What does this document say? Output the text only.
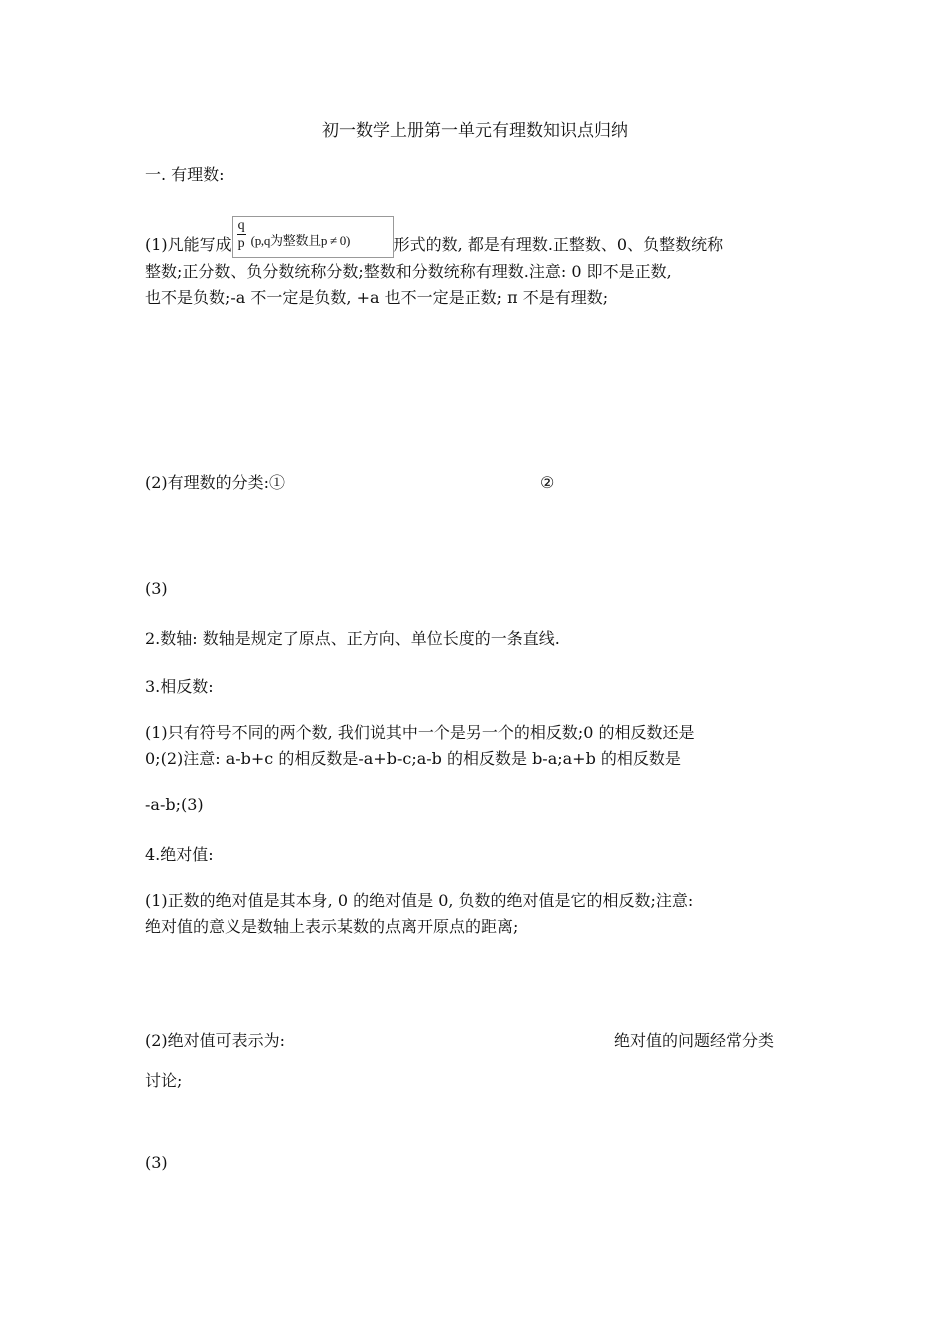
初一数学上册第一单元有理数知识点归纳
一. 有理数:
(1)凡能写成 $\frac{q}{p} (p,q$为整数且p ≠ 0)	形式的数, 都是有理数.正整数、0、负整数统称
整数;正分数、负分数统称分数;整数和分数统称有理数.注意: 0 即不是正数,
也不是负数;-a 不一定是负数, +a 也不一定是正数; π 不是有理数;
(2)有理数的分类:①	②
(3)
2.数轴: 数轴是规定了原点、正方向、单位长度的一条直线.
3.相反数:
(1)只有符号不同的两个数, 我们说其中一个是另一个的相反数;0 的相反数还是
0;(2)注意: a-b+c 的相反数是-a+b-c;a-b 的相反数是 b-a;a+b 的相反数是
-a-b;(3)
4.绝对值:
(1)正数的绝对值是其本身, 0 的绝对值是 0, 负数的绝对值是它的相反数;注意:
绝对值的意义是数轴上表示某数的点离开原点的距离;
(2)绝对值可表示为:	绝对值的问题经常分类
讨论;
(3)
